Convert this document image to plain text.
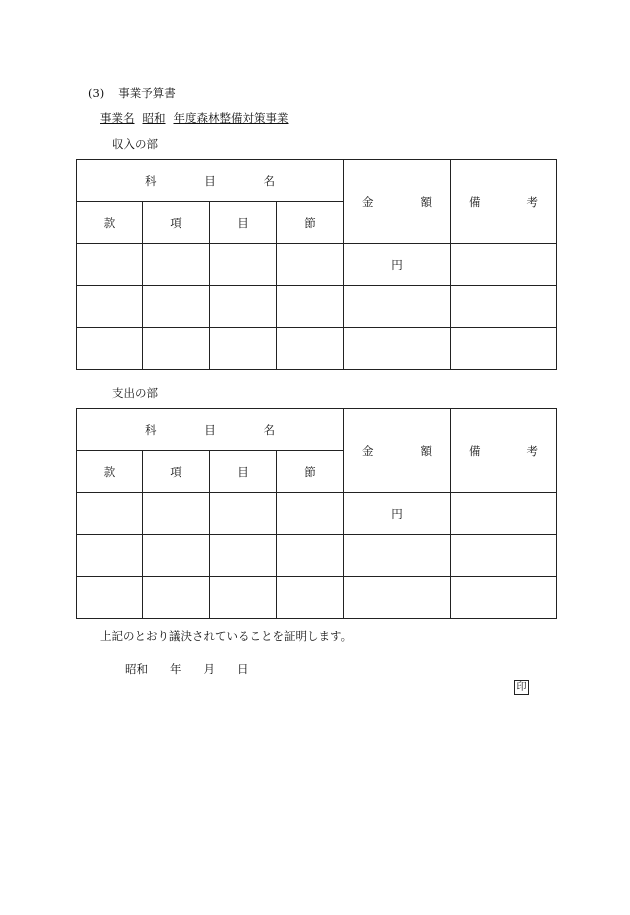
(3) 事業予算書
事業名 昭和 年度森林整備対策事業
収入の部
科 目 名				金 額	備 考

款	項	目	節		
				円	

支出の部
科 目 名				金 額	備 考

款	項	目	節		
				円	

上記のとおり議決されていることを証明します。
昭和 年 月 日
印
